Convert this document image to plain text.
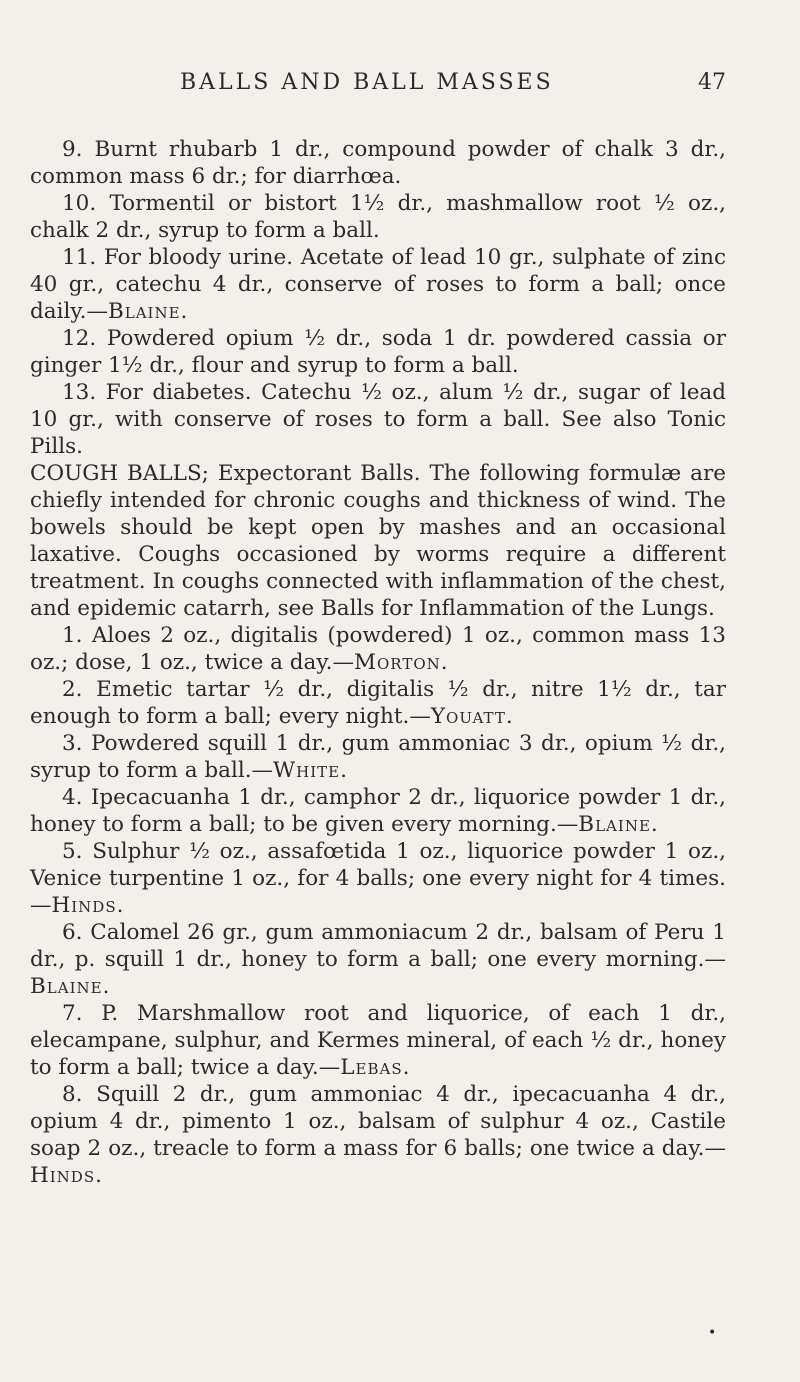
BALLS AND BALL MASSES	47

9. Burnt rhubarb 1 dr., compound powder of chalk 3 dr., common mass 6 dr.; for diarrhœa.

10. Tormentil or bistort 1½ dr., mashmallow root ½ oz., chalk 2 dr., syrup to form a ball.

11. For bloody urine. Acetate of lead 10 gr., sulphate of zinc 40 gr., catechu 4 dr., conserve of roses to form a ball; once daily.—Blaine.

12. Powdered opium ½ dr., soda 1 dr. powdered cassia or ginger 1½ dr., flour and syrup to form a ball.

13. For diabetes. Catechu ½ oz., alum ½ dr., sugar of lead 10 gr., with conserve of roses to form a ball. See also Tonic Pills.

COUGH BALLS; Expectorant Balls. The following formulæ are chiefly intended for chronic coughs and thickness of wind. The bowels should be kept open by mashes and an occasional laxative. Coughs occasioned by worms require a different treatment. In coughs connected with inflammation of the chest, and epidemic catarrh, see Balls for Inflammation of the Lungs.

1. Aloes 2 oz., digitalis (powdered) 1 oz., common mass 13 oz.; dose, 1 oz., twice a day.—Morton.

2. Emetic tartar ½ dr., digitalis ½ dr., nitre 1½ dr., tar enough to form a ball; every night.—Youatt.

3. Powdered squill 1 dr., gum ammoniac 3 dr., opium ½ dr., syrup to form a ball.—White.

4. Ipecacuanha 1 dr., camphor 2 dr., liquorice powder 1 dr., honey to form a ball; to be given every morning.—Blaine.

5. Sulphur ½ oz., assafœtida 1 oz., liquorice powder 1 oz., Venice turpentine 1 oz., for 4 balls; one every night for 4 times.—Hinds.

6. Calomel 26 gr., gum ammoniacum 2 dr., balsam of Peru 1 dr., p. squill 1 dr., honey to form a ball; one every morning.—Blaine.

7. P. Marshmallow root and liquorice, of each 1 dr., elecampane, sulphur, and Kermes mineral, of each ½ dr., honey to form a ball; twice a day.—Lebas.

8. Squill 2 dr., gum ammoniac 4 dr., ipecacuanha 4 dr., opium 4 dr., pimento 1 oz., balsam of sulphur 4 oz., Castile soap 2 oz., treacle to form a mass for 6 balls; one twice a day.—Hinds.

•
